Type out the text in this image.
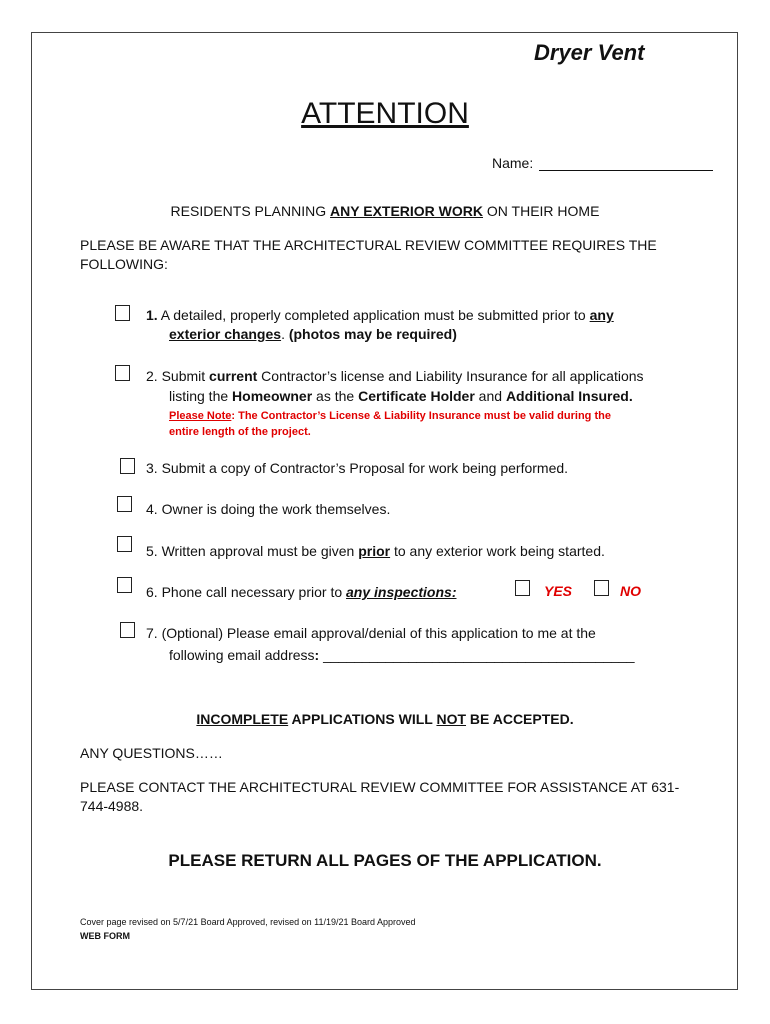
Dryer Vent
ATTENTION
Name:
RESIDENTS PLANNING ANY EXTERIOR WORK ON THEIR HOME
PLEASE BE AWARE THAT THE ARCHITECTURAL REVIEW COMMITTEE REQUIRES THE FOLLOWING:
1. A detailed, properly completed application must be submitted prior to any
exterior changes. (photos may be required)
2. Submit current Contractor’s license and Liability Insurance for all applications
listing the Homeowner as the Certificate Holder and Additional Insured.
Please Note: The Contractor’s License & Liability Insurance must be valid during the
entire length of the project.
3. Submit a copy of Contractor’s Proposal for work being performed.
4. Owner is doing the work themselves.
5. Written approval must be given prior to any exterior work being started.
6. Phone call necessary prior to any inspections:	YES	NO
7. (Optional) Please email approval/denial of this application to me at the
following email address: ________________________________________
INCOMPLETE APPLICATIONS WILL NOT BE ACCEPTED.
ANY QUESTIONS……
PLEASE CONTACT THE ARCHITECTURAL REVIEW COMMITTEE FOR ASSISTANCE AT 631-744-4988.
PLEASE RETURN ALL PAGES OF THE APPLICATION.
Cover page revised on 5/7/21 Board Approved, revised on 11/19/21 Board Approved
WEB FORM
